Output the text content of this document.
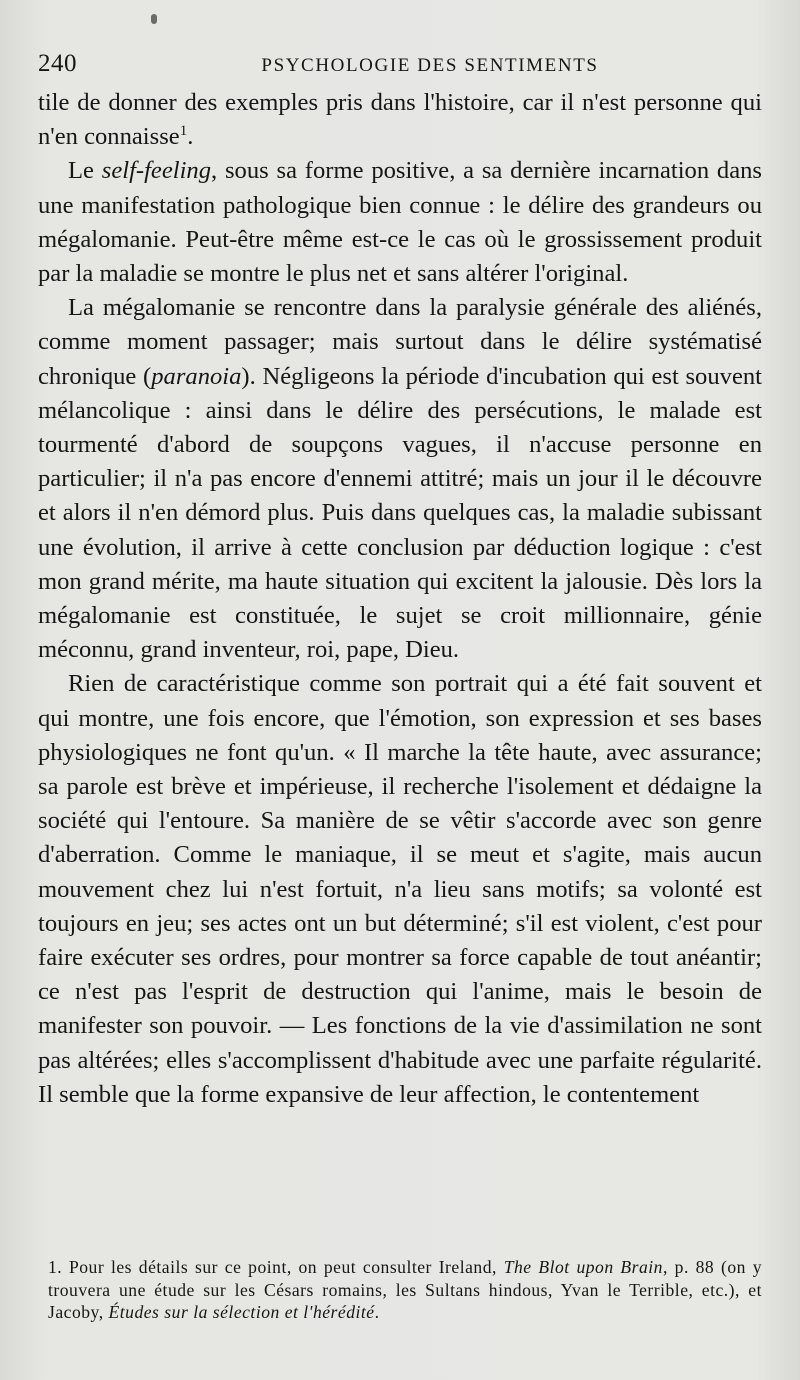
240	PSYCHOLOGIE DES SENTIMENTS

tile de donner des exemples pris dans l'histoire, car il n'est personne qui n'en connaisse$^1$.

Le self-feeling, sous sa forme positive, a sa dernière incarnation dans une manifestation pathologique bien connue : le délire des grandeurs ou mégalomanie. Peut-être même est-ce le cas où le grossissement produit par la maladie se montre le plus net et sans altérer l'original.

La mégalomanie se rencontre dans la paralysie générale des aliénés, comme moment passager; mais surtout dans le délire systématisé chronique (paranoia). Négligeons la période d'incubation qui est souvent mélancolique : ainsi dans le délire des persécutions, le malade est tourmenté d'abord de soupçons vagues, il n'accuse personne en particulier; il n'a pas encore d'ennemi attitré; mais un jour il le découvre et alors il n'en démord plus. Puis dans quelques cas, la maladie subissant une évolution, il arrive à cette conclusion par déduction logique : c'est mon grand mérite, ma haute situation qui excitent la jalousie. Dès lors la mégalomanie est constituée, le sujet se croit millionnaire, génie méconnu, grand inventeur, roi, pape, Dieu.

Rien de caractéristique comme son portrait qui a été fait souvent et qui montre, une fois encore, que l'émotion, son expression et ses bases physiologiques ne font qu'un. « Il marche la tête haute, avec assurance; sa parole est brève et impérieuse, il recherche l'isolement et dédaigne la société qui l'entoure. Sa manière de se vêtir s'accorde avec son genre d'aberration. Comme le maniaque, il se meut et s'agite, mais aucun mouvement chez lui n'est fortuit, n'a lieu sans motifs; sa volonté est toujours en jeu; ses actes ont un but déterminé; s'il est violent, c'est pour faire exécuter ses ordres, pour montrer sa force capable de tout anéantir; ce n'est pas l'esprit de destruction qui l'anime, mais le besoin de manifester son pouvoir. — Les fonctions de la vie d'assimilation ne sont pas altérées; elles s'accomplissent d'habitude avec une parfaite régularité. Il semble que la forme expansive de leur affection, le contentement

1. Pour les détails sur ce point, on peut consulter Ireland, The Blot upon Brain, p. 88 (on y trouvera une étude sur les Césars romains, les Sultans hindous, Yvan le Terrible, etc.), et Jacoby, Études sur la sélection et l'hérédité.
